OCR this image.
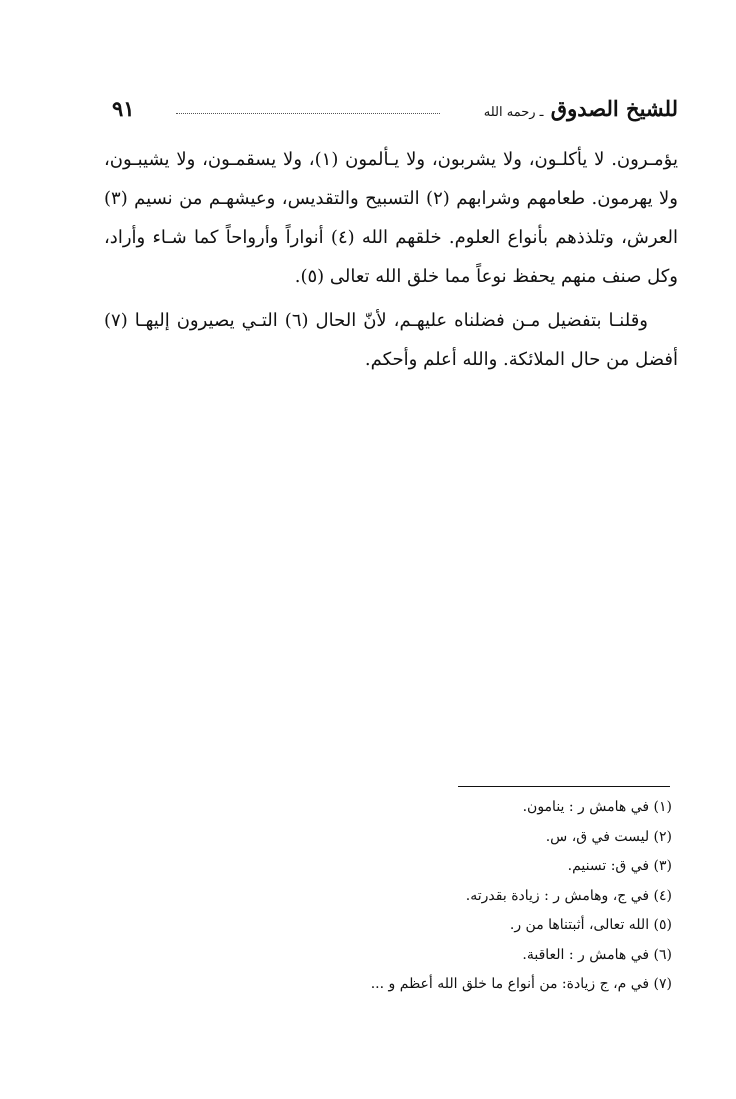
للشيخ الصدوق ـ رحمه الله
٩١

يؤمـرون. لا يأكلـون، ولا يشربون، ولا يـألمون (١)، ولا يسقمـون، ولا يشيبـون، ولا يهرمون. طعامهم وشرابهم (٢) التسبيح والتقديس، وعيشهـم من نسيم (٣) العرش، وتلذذهم بأنواع العلوم. خلقهم الله (٤) أنواراً وأرواحاً كما شـاء وأراد، وكل صنف منهم يحفظ نوعاً مما خلق الله تعالى (٥).

وقلنـا بتفضيل مـن فضلناه عليهـم، لأنّ الحال (٦) التـي يصيرون إليهـا (٧) أفضل من حال الملائكة. والله أعلم وأحكم.

(١) في هامش ر : ينامون.
(٢) ليست في ق، س.
(٣) في ق: تسنيم.
(٤) في ج، وهامش ر : زيادة بقدرته.
(٥) الله تعالى، أثبتناها من ر.
(٦) في هامش ر : العاقبة.
(٧) في م، ج زيادة: من أنواع ما خلق الله أعظم و ...
